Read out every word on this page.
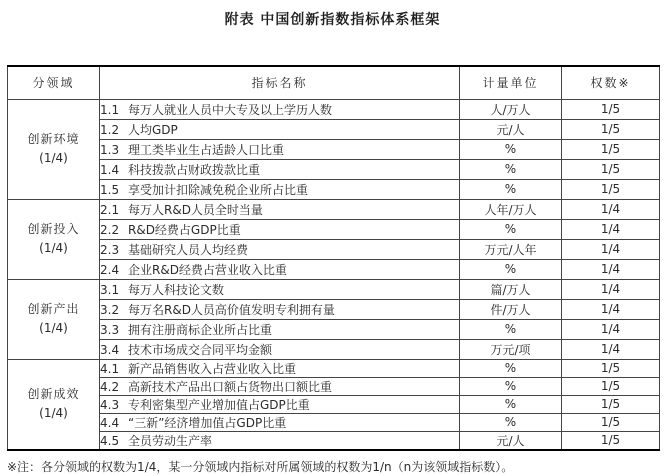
附表 中国创新指数指标体系框架
分领域	指标名称	计量单位	权数※

创新环境
(1/4)	1.1 每万人就业人员中大专及以上学历人数	人/万人	1/5
	1.2 人均GDP	元/人	1/5
	1.3 理工类毕业生占适龄人口比重	%	1/5
	1.4 科技拨款占财政拨款比重	%	1/5
	1.5 享受加计扣除减免税企业所占比重	%	1/5

创新投入
(1/4)	2.1 每万人R&D人员全时当量	人年/万人	1/4
	2.2 R&D经费占GDP比重	%	1/4
	2.3 基础研究人员人均经费	万元/人年	1/4
	2.4 企业R&D经费占营业收入比重	%	1/4

创新产出
(1/4)	3.1 每万人科技论文数	篇/万人	1/4
	3.2 每万名R&D人员高价值发明专利拥有量	件/万人	1/4
	3.3 拥有注册商标企业所占比重	%	1/4
	3.4 技术市场成交合同平均金额	万元/项	1/4

创新成效
(1/4)	4.1 新产品销售收入占营业收入比重	%	1/5
	4.2 高新技术产品出口额占货物出口额比重	%	1/5
	4.3 专利密集型产业增加值占GDP比重	%	1/5
	4.4 “三新”经济增加值占GDP比重	%	1/5
	4.5 全员劳动生产率	元/人	1/5
※注：各分领域的权数为1/4，某一分领域内指标对所属领域的权数为1/n（n为该领域指标数）。
